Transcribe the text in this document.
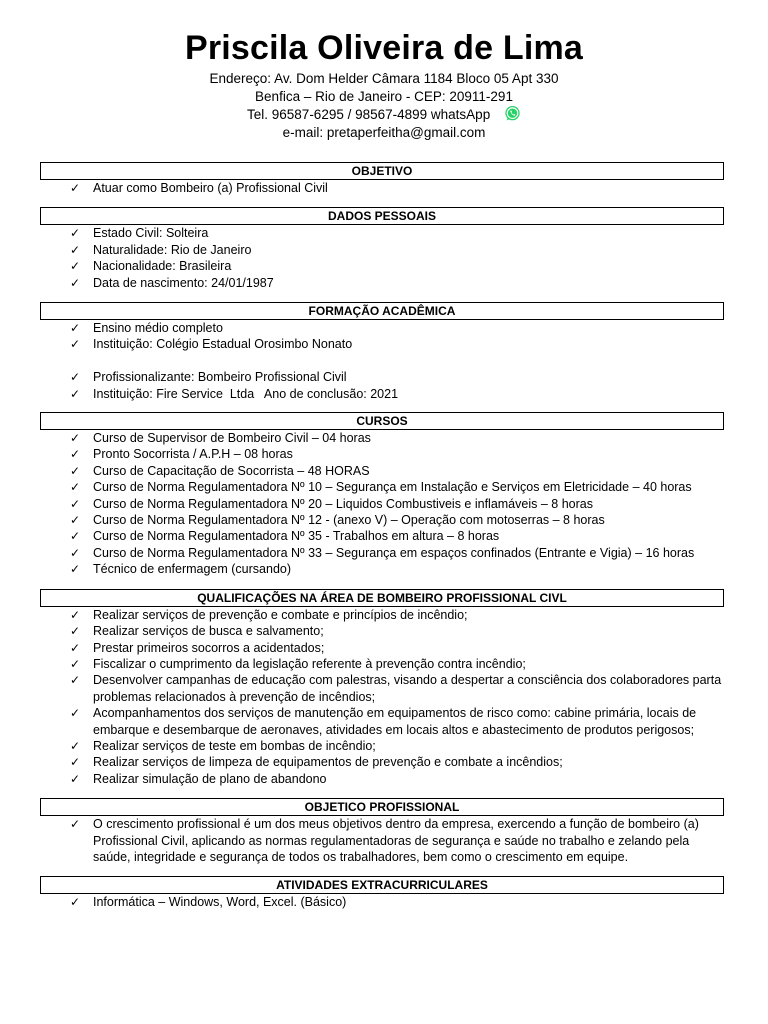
Priscila Oliveira de Lima
Endereço: Av. Dom Helder Câmara 1184 Bloco 05 Apt 330
Benfica – Rio de Janeiro - CEP: 20911-291
Tel. 96587-6295 / 98567-4899 whatsApp
e-mail: pretaperfeitha@gmail.com
OBJETIVO
✓ Atuar como Bombeiro (a) Profissional Civil
DADOS PESSOAIS
✓ Estado Civil: Solteira
✓ Naturalidade: Rio de Janeiro
✓ Nacionalidade: Brasileira
✓ Data de nascimento: 24/01/1987
FORMAÇÃO ACADÊMICA
✓ Ensino médio completo
✓ Instituição: Colégio Estadual Orosimbo Nonato
✓ Profissionalizante: Bombeiro Profissional Civil
✓ Instituição: Fire Service  Ltda   Ano de conclusão: 2021
CURSOS
✓ Curso de Supervisor de Bombeiro Civil – 04 horas
✓ Pronto Socorrista / A.P.H – 08 horas
✓ Curso de Capacitação de Socorrista – 48 HORAS
✓ Curso de Norma Regulamentadora Nº 10 – Segurança em Instalação e Serviços em Eletricidade – 40 horas
✓ Curso de Norma Regulamentadora Nº 20 – Liquidos Combustiveis e inflamáveis – 8 horas
✓ Curso de Norma Regulamentadora Nº 12 - (anexo V) – Operação com motoserras – 8 horas
✓ Curso de Norma Regulamentadora Nº 35 - Trabalhos em altura – 8 horas
✓ Curso de Norma Regulamentadora Nº 33 – Segurança em espaços confinados (Entrante e Vigia) – 16 horas
✓ Técnico de enfermagem (cursando)
QUALIFICAÇÕES NA ÁREA DE BOMBEIRO PROFISSIONAL CIVL
✓ Realizar serviços de prevenção e combate e princípios de incêndio;
✓ Realizar serviços de busca e salvamento;
✓ Prestar primeiros socorros a acidentados;
✓ Fiscalizar o cumprimento da legislação referente à prevenção contra incêndio;
✓ Desenvolver campanhas de educação com palestras, visando a despertar a consciência dos colaboradores parta problemas relacionados à prevenção de incêndios;
✓ Acompanhamentos dos serviços de manutenção em equipamentos de risco como: cabine primária, locais de embarque e desembarque de aeronaves, atividades em locais altos e abastecimento de produtos perigosos;
✓ Realizar serviços de teste em bombas de incêndio;
✓ Realizar serviços de limpeza de equipamentos de prevenção e combate a incêndios;
✓ Realizar simulação de plano de abandono
OBJETICO PROFISSIONAL
✓ O crescimento profissional é um dos meus objetivos dentro da empresa, exercendo a função de bombeiro (a) Profissional Civil, aplicando as normas regulamentadoras de segurança e saúde no trabalho e zelando pela saúde, integridade e segurança de todos os trabalhadores, bem como o crescimento em equipe.
ATIVIDADES EXTRACURRICULARES
✓ Informática – Windows, Word, Excel. (Básico)
